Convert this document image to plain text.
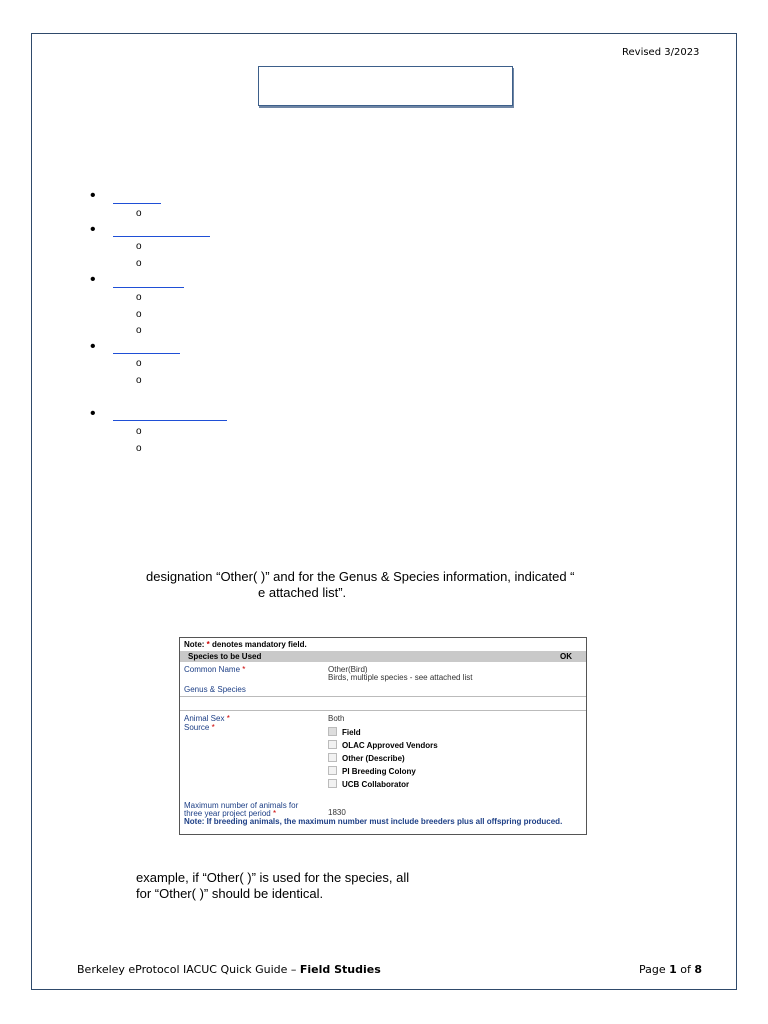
Revised 3/2023
•
o
•
o
o
•
o
o
o
•
o
o
•
o
o
designation “Other( )” and for the Genus & Species information, indicated “
e attached list”.
Note: * denotes mandatory field.
Species to be Used	OK
Common Name *	Other(Bird)
Birds, multiple species - see attached list
Genus & Species
Animal Sex *	Both
Source *
Field
OLAC Approved Vendors
Other (Describe)
PI Breeding Colony
UCB Collaborator
Maximum number of animals for
three year project period *	1830
Note: If breeding animals, the maximum number must include breeders plus all offspring produced.
example, if “Other( )” is used for the species, all
for “Other( )” should be identical.
Berkeley eProtocol IACUC Quick Guide – Field Studies	Page 1 of 8
